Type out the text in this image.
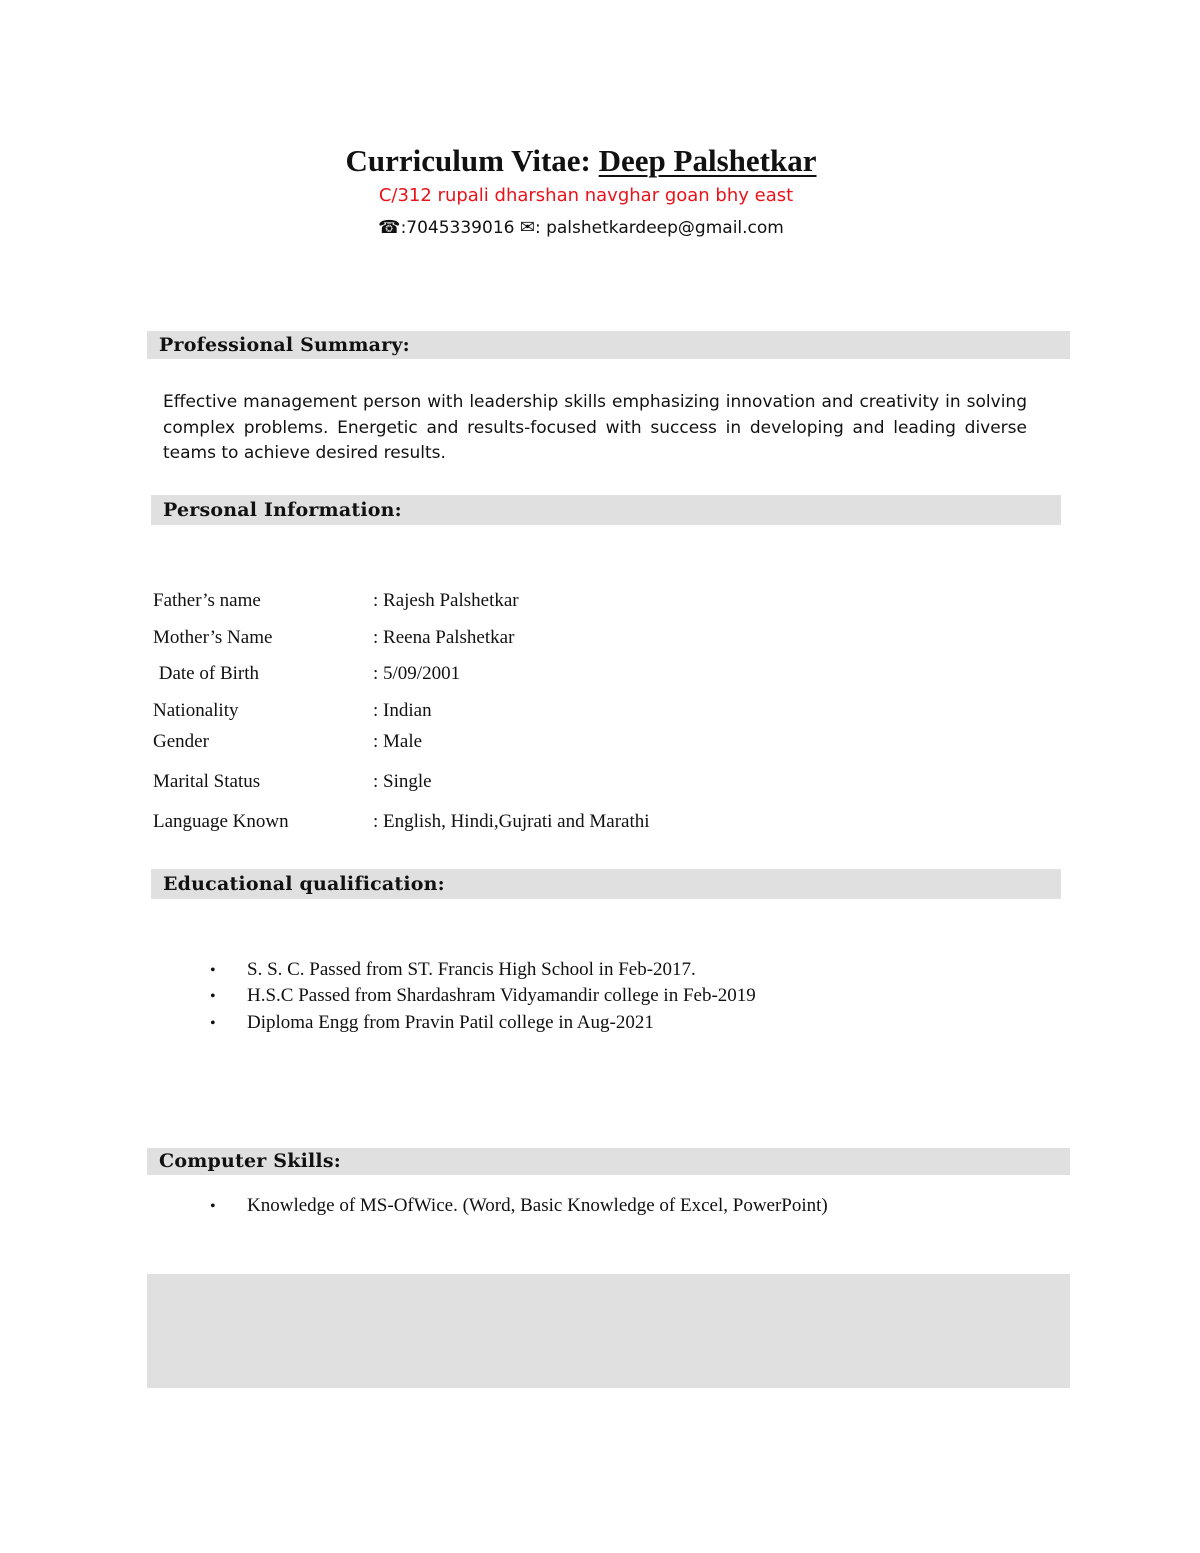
Curriculum Vitae: Deep Palshetkar
C/312 rupali dharshan navghar goan bhy east
☎:7045339016 ✉: palshetkardeep@gmail.com
Professional Summary:
Effective management person with leadership skills emphasizing innovation and creativity in solving complex problems. Energetic and results-focused with success in developing and leading diverse teams to achieve desired results.
Personal Information:
Father’s name	: Rajesh Palshetkar
Mother’s Name	: Reena Palshetkar
Date of Birth	: 5/09/2001
Nationality	: Indian
Gender	: Male
Marital Status	: Single
Language Known	: English, Hindi,Gujrati and Marathi
Educational qualification:
• S. S. C. Passed from ST. Francis High School in Feb-2017.
• H.S.C Passed from Shardashram Vidyamandir college in Feb-2019
• Diploma Engg from Pravin Patil college in Aug-2021
Computer Skills:
• Knowledge of MS-OfWice. (Word, Basic Knowledge of Excel, PowerPoint)
